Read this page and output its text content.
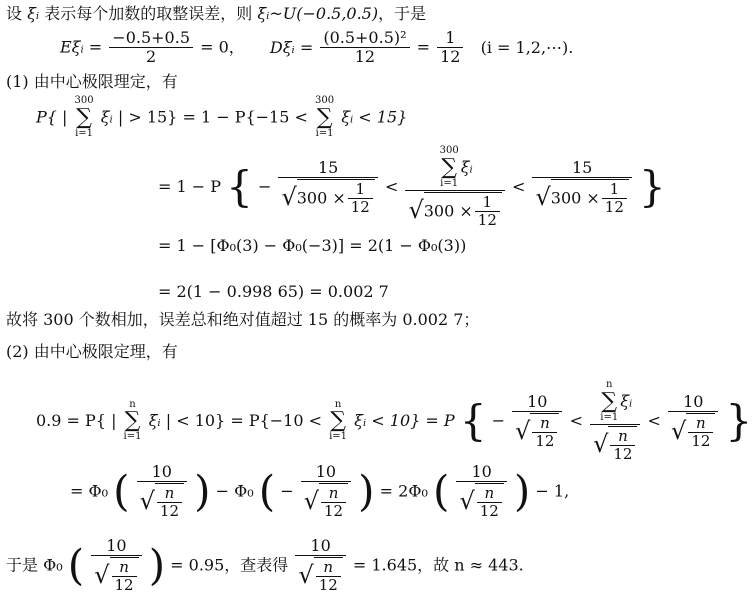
设 ξᵢ 表示每个加数的取整误差，则 ξᵢ~U(−0.5,0.5)，于是
Eξᵢ = $\frac{-0.5+0.5}{2} = 0$， Dξᵢ = $\frac{\text{(0.5+0.5)²}}{12} = \frac{1}{12} (i$ = 1,2,⋯).
(1) 由中心极限理定，有
P{ |
300
∑
i=1
ξᵢ | > 15} = 1 − P{−15 <
300
∑
i=1
ξᵢ < 15}
= 1 − P { − $\frac{15}{√300 \times \frac{1}{12}} < 300$
∑
i=1
ξᵢ
$√300 \times \frac{1}{12} < \frac{15}{√300 \times \frac{1}{12}}$ }
= 1 − [Φ₀(3) − Φ₀(−3)] = 2(1 − Φ₀(3))
= 2(1 − 0.998 65) = 0.002 7
故将 300 个数相加，误差总和绝对值超过 15 的概率为 0.002 7；
(2) 由中心极限定理，有
0.9 = P{ |
n
∑
i=1
ξᵢ | < 10} = P{−10 <
n
∑
i=1
ξᵢ < 10} = P { − $\frac{10}{√ \frac{n}{12}} < n$
∑
i=1
ξᵢ
√ $\frac{n}{12} < \frac{10}{√ \frac{n}{12}}$ }
= Φ₀ ( $\frac{10}{√ \frac{n}{12}}$ ) − Φ₀ ( − $\frac{10}{√ \frac{n}{12}}$ ) = 2Φ₀ ( $\frac{10}{√ \frac{n}{12}}$ ) − 1,
于是 Φ₀ ( $\frac{10}{√ \frac{n}{12}}$ ) = 0.95，查表得 $\frac{10}{√ \frac{n}{12}} = 1.645$，故 n ≈ 443.
